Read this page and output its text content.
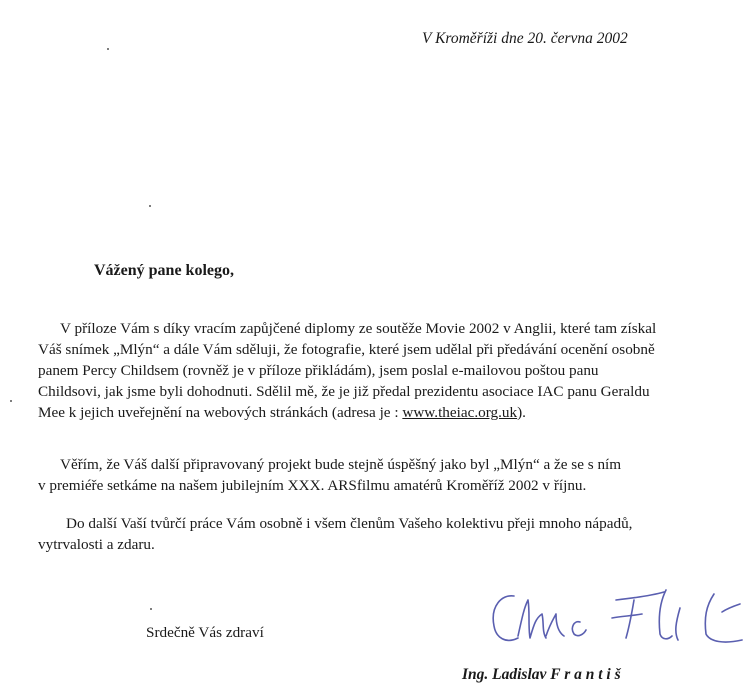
V Kroměříži dne 20. června 2002
Vážený pane kolego,
V příloze Vám s díky vracím zapůjčené diplomy ze soutěže Movie 2002 v Anglii, které tam získal
Váš snímek „Mlýn“ a dále Vám sděluji, že fotografie, které jsem udělal při předávání ocenění osobně
panem Percy Childsem (rovněž je v příloze přikládám), jsem poslal e-mailovou poštou panu
Childsovi, jak jsme byli dohodnuti. Sdělil mě, že je již předal prezidentu asociace IAC panu Geraldu
Mee k jejich uveřejnění na webových stránkách (adresa je : www.theiac.org.uk).
Věřím, že Váš další připravovaný projekt bude stejně úspěšný jako byl „Mlýn“ a že se s ním
v premiéře setkáme na našem jubilejním XXX. ARSfilmu amatérů Kroměříž 2002 v říjnu.
Do další Vaší tvůrčí práce Vám osobně i všem členům Vašeho kolektivu přeji mnoho nápadů,
vytrvalosti a zdaru.
Srdečně Vás zdraví
Ing. Ladislav F r a n t i š
